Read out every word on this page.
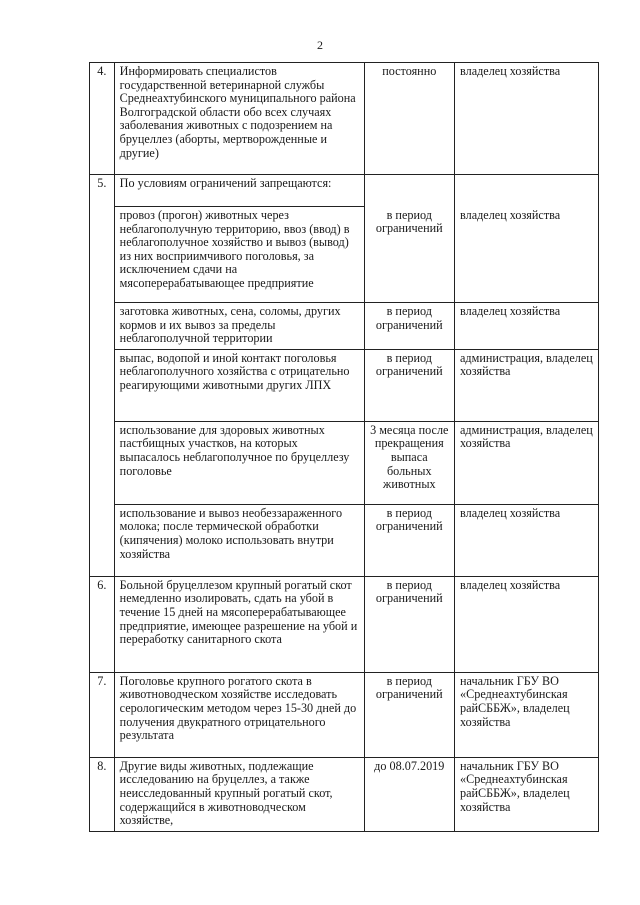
2
4.	Информировать специалистов государственной ветеринарной службы Среднеахтубинского муниципального района Волгоградской области обо всех случаях заболевания животных с подозрением на бруцеллез (аборты, мертворожденные и другие)	постоянно	владелец хозяйства
5.	По условиям ограничений запрещаются:		
	провоз (прогон) животных через неблагополучную территорию, ввоз (ввод) в неблагополучное хозяйство и вывоз (вывод) из них восприимчивого поголовья, за исключением сдачи на мясоперерабатывающее предприятие	в период ограничений	владелец хозяйства
	заготовка животных, сена, соломы, других кормов и их вывоз за пределы неблагополучной территории	в период ограничений	владелец хозяйства
	выпас, водопой и иной контакт поголовья неблагополучного хозяйства с отрицательно реагирующими животными других ЛПХ	в период ограничений	администрация, владелец хозяйства
	использование для здоровых животных пастбищных участков, на которых выпасалось неблагополучное по бруцеллезу поголовье	3 месяца после прекращения выпаса больных животных	администрация, владелец хозяйства
	использование и вывоз необеззараженного молока; после термической обработки (кипячения) молоко использовать внутри хозяйства	в период ограничений	владелец хозяйства
6.	Больной бруцеллезом крупный рогатый скот немедленно изолировать, сдать на убой в течение 15 дней на мясоперерабатывающее предприятие, имеющее разрешение на убой и переработку санитарного скота	в период ограничений	владелец хозяйства
7.	Поголовье крупного рогатого скота в животноводческом хозяйстве исследовать серологическим методом через 15-30 дней до получения двукратного отрицательного результата	в период ограничений	начальник ГБУ ВО «Среднеахтубинская райСББЖ», владелец хозяйства
8.	Другие виды животных, подлежащие исследованию на бруцеллез, а также неисследованный крупный рогатый скот, содержащийся в животноводческом хозяйстве,	до 08.07.2019	начальник ГБУ ВО «Среднеахтубинская райСББЖ», владелец хозяйства
